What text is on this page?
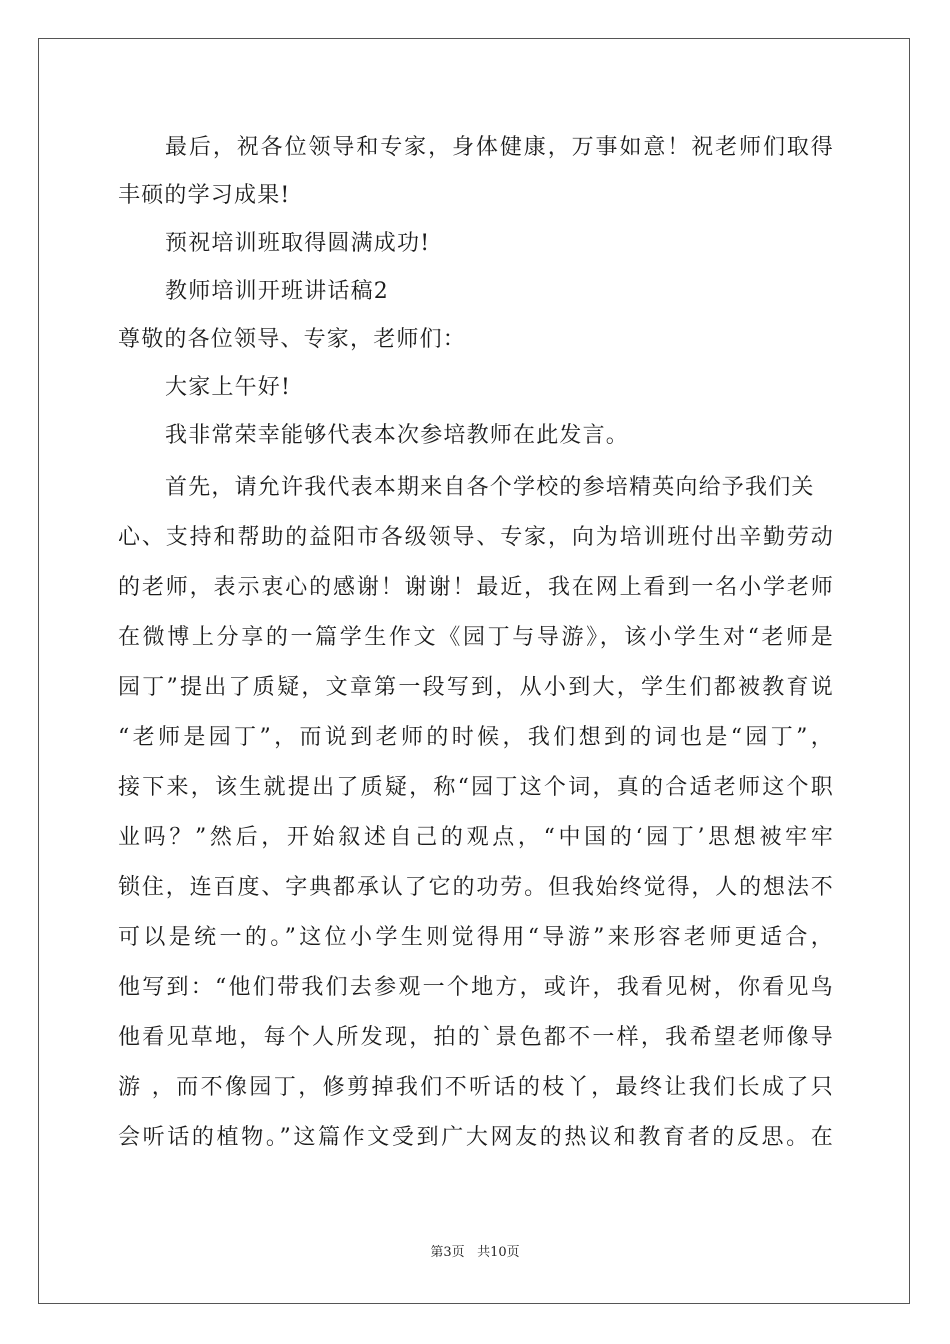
最后，祝各位领导和专家，身体健康，万事如意！祝老师们取得
丰硕的学习成果!
预祝培训班取得圆满成功!
教师培训开班讲话稿2
尊敬的各位领导、专家，老师们：
大家上午好!
我非常荣幸能够代表本次参培教师在此发言。
首先，请允许我代表本期来自各个学校的参培精英向给予我们关
心、支持和帮助的益阳市各级领导、专家，向为培训班付出辛勤劳动
的老师，表示衷心的感谢！谢谢！最近，我在网上看到一名小学老师
在微博上分享的一篇学生作文《园丁与导游》，该小学生对“老师是
园丁”提出了质疑，文章第一段写到，从小到大，学生们都被教育说
“老师是园丁”，而说到老师的时候，我们想到的词也是“园丁”，
接下来，该生就提出了质疑，称“园丁这个词，真的合适老师这个职
业吗？”然后，开始叙述自己的观点，“中国的‘园丁’思想被牢牢
锁住，连百度、字典都承认了它的功劳。但我始终觉得，人的想法不
可以是统一的。”这位小学生则觉得用“导游”来形容老师更适合，
他写到：“他们带我们去参观一个地方，或许，我看见树，你看见鸟
他看见草地，每个人所发现，拍的`景色都不一样，我希望老师像导
游 ，而不像园丁，修剪掉我们不听话的枝丫，最终让我们长成了只
会听话的植物。”这篇作文受到广大网友的热议和教育者的反思。在
第3页 共10页
